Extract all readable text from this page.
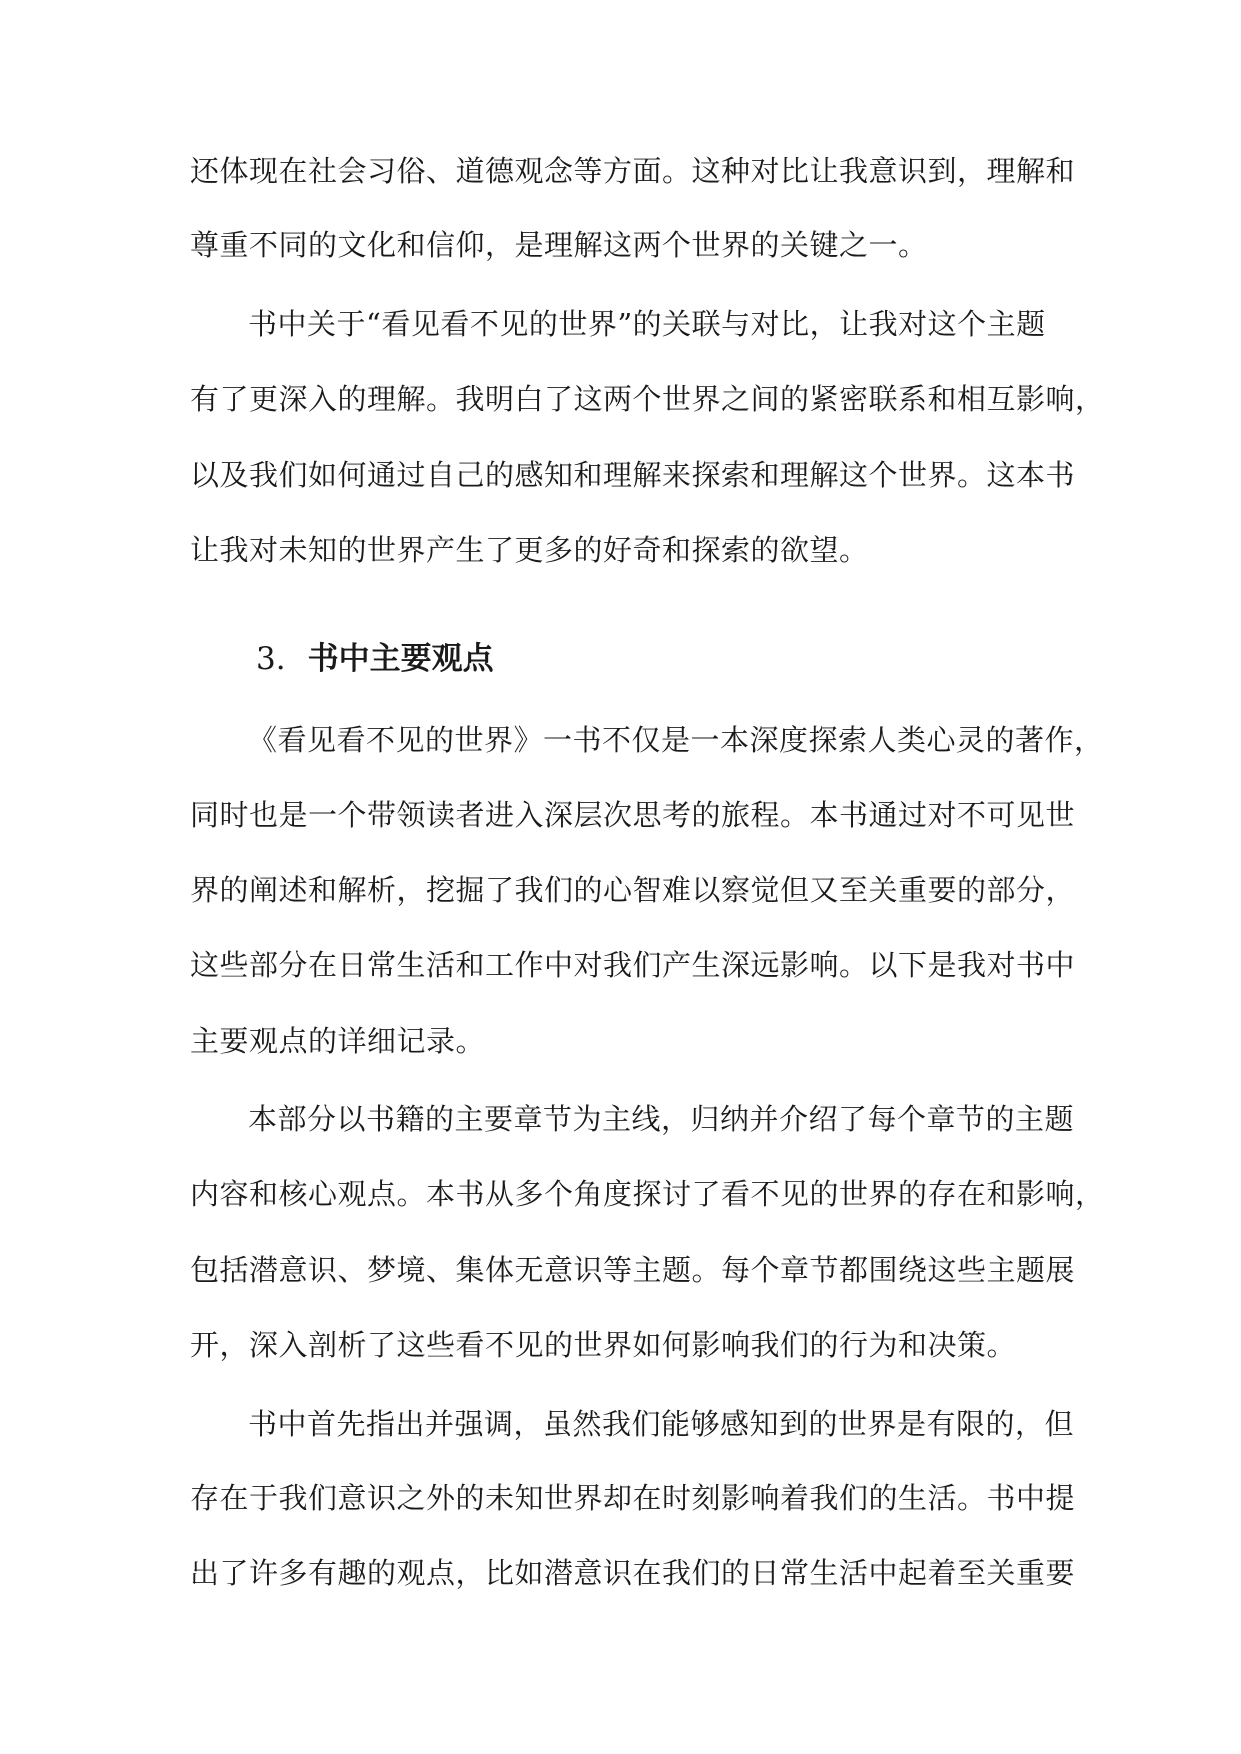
还体现在社会习俗、道德观念等方面。这种对比让我意识到，理解和
尊重不同的文化和信仰，是理解这两个世界的关键之一。
书中关于“看见看不见的世界”的关联与对比，让我对这个主题
有了更深入的理解。我明白了这两个世界之间的紧密联系和相互影响，
以及我们如何通过自己的感知和理解来探索和理解这个世界。这本书
让我对未知的世界产生了更多的好奇和探索的欲望。
3. 书中主要观点
《看见看不见的世界》一书不仅是一本深度探索人类心灵的著作，
同时也是一个带领读者进入深层次思考的旅程。本书通过对不可见世
界的阐述和解析，挖掘了我们的心智难以察觉但又至关重要的部分，
这些部分在日常生活和工作中对我们产生深远影响。以下是我对书中
主要观点的详细记录。
本部分以书籍的主要章节为主线，归纳并介绍了每个章节的主题
内容和核心观点。本书从多个角度探讨了看不见的世界的存在和影响，
包括潜意识、梦境、集体无意识等主题。每个章节都围绕这些主题展
开，深入剖析了这些看不见的世界如何影响我们的行为和决策。
书中首先指出并强调，虽然我们能够感知到的世界是有限的，但
存在于我们意识之外的未知世界却在时刻影响着我们的生活。书中提
出了许多有趣的观点，比如潜意识在我们的日常生活中起着至关重要
